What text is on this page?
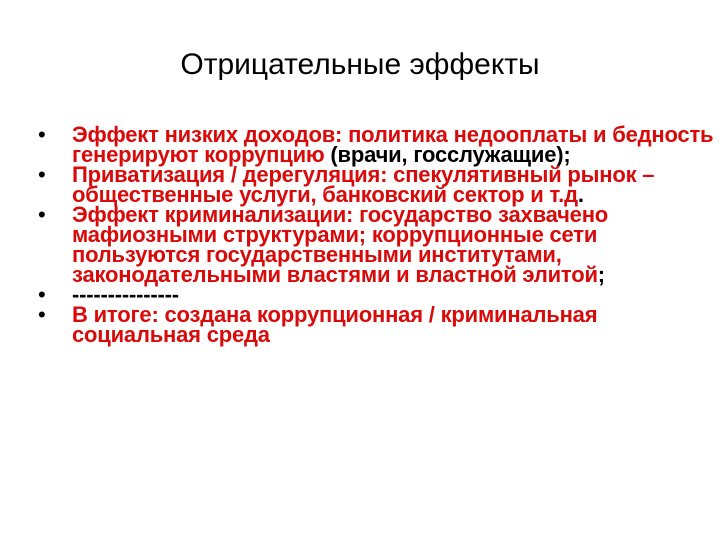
Отрицательные эффекты
• Эффект низких доходов: политика недооплаты и бедность генерируют коррупцию (врачи, госслужащие);
• Приватизация / дерегуляция: спекулятивный рынок – общественные услуги, банковский сектор и т.д.
• Эффект криминализации: государство захвачено мафиозными структурами; коррупционные сети пользуются государственными институтами, законодательными властями и властной элитой;
• ---------------
• В итоге: создана коррупционная / криминальная социальная среда
